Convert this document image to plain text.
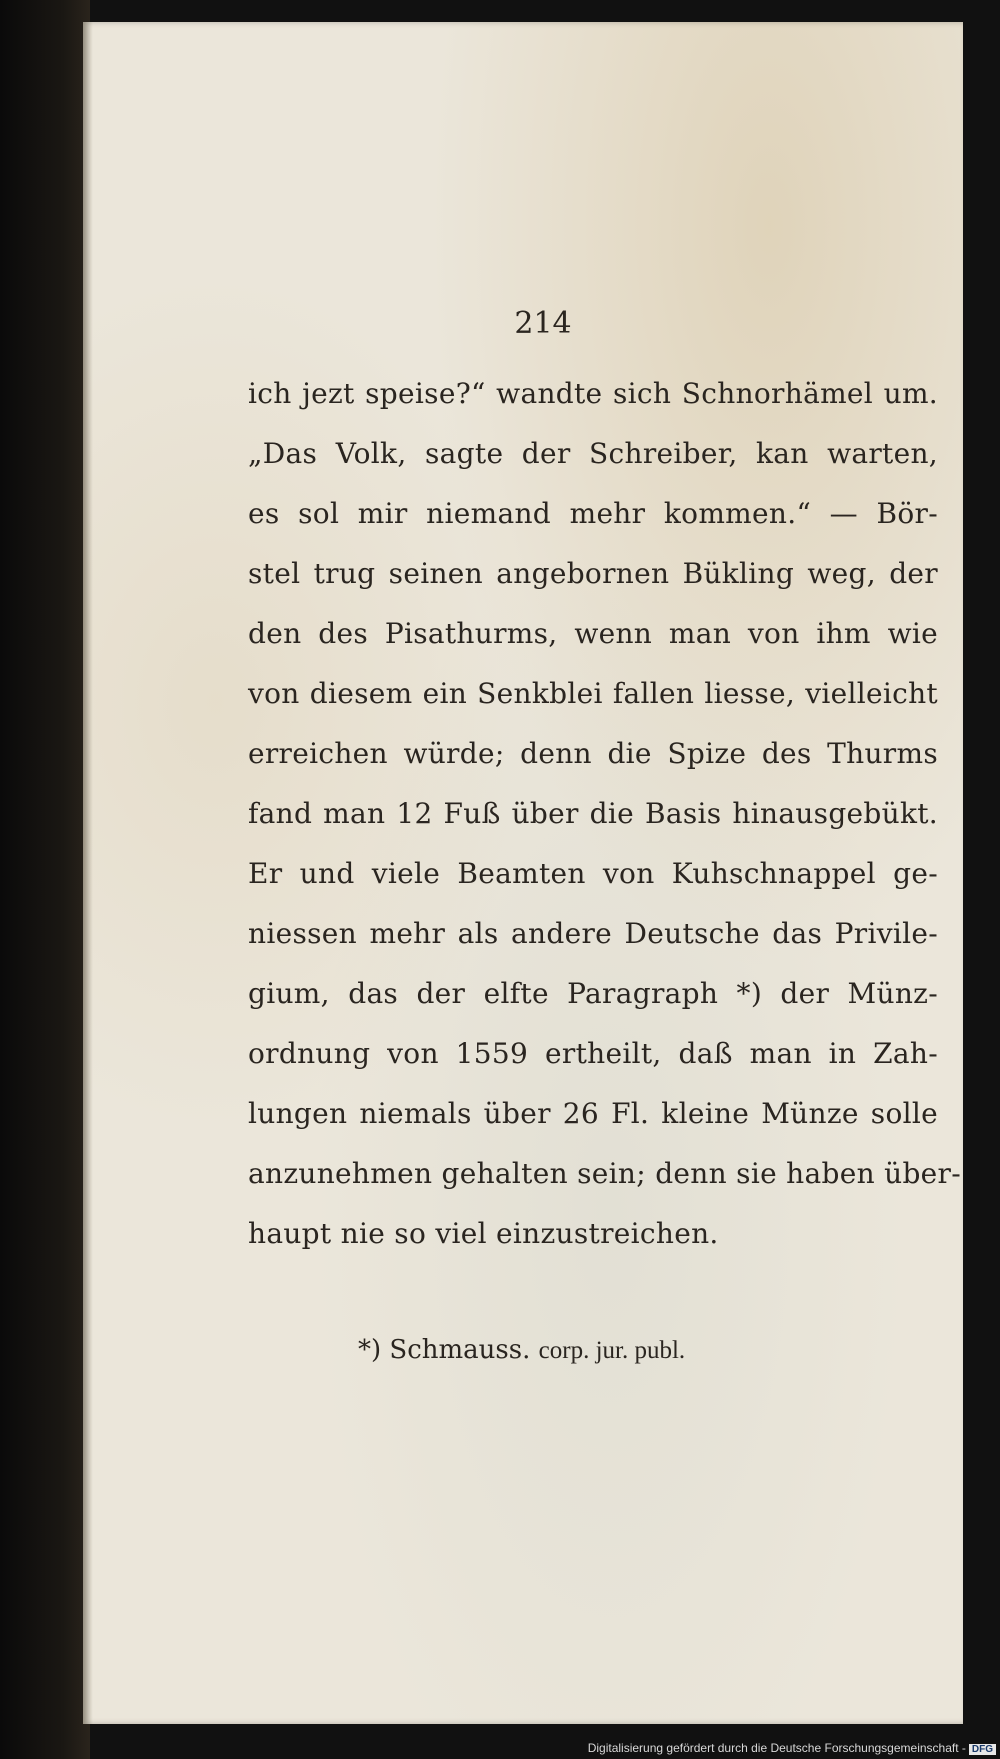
214
ich jezt speise?“ wandte sich Schnorhämel um.
„Das Volk, sagte der Schreiber, kan warten,
es sol mir niemand mehr kommen.“ — Bör-
stel trug seinen angebornen Bükling weg, der
den des Pisathurms, wenn man von ihm wie
von diesem ein Senkblei fallen liesse, vielleicht
erreichen würde; denn die Spize des Thurms
fand man 12 Fuß über die Basis hinausgebükt.
Er und viele Beamten von Kuhschnappel ge-
niessen mehr als andere Deutsche das Privile-
gium, das der elfte Paragraph *) der Münz-
ordnung von 1559 ertheilt, daß man in Zah-
lungen niemals über 26 Fl. kleine Münze solle
anzunehmen gehalten sein; denn sie haben über-
haupt nie so viel einzustreichen.
*) Schmauss. corp. jur. publ.
Digitalisierung gefördert durch die Deutsche Forschungsgemeinschaft - DFG
